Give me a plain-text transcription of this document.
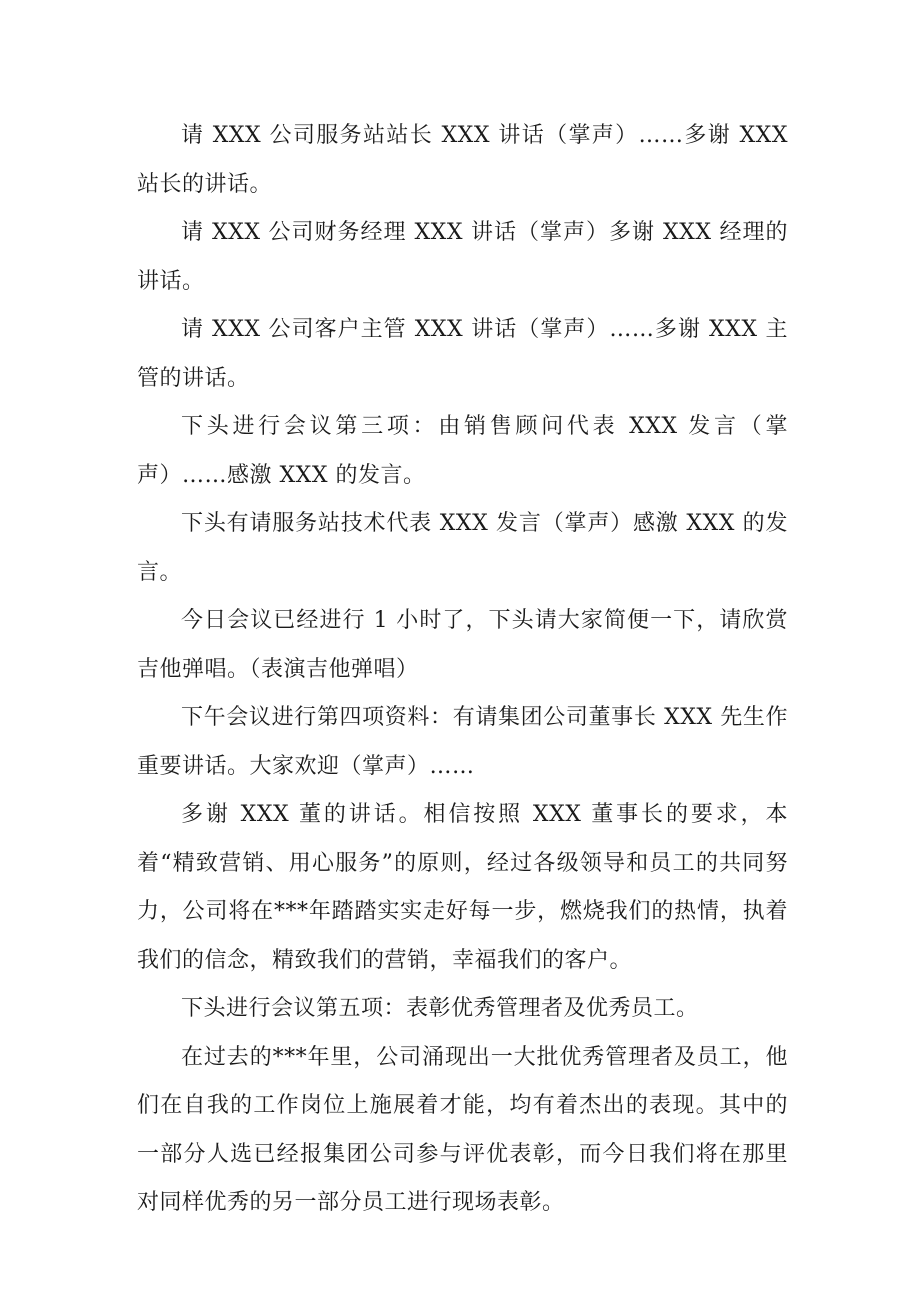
请 XXX 公司服务站站长 XXX 讲话（掌声）……多谢 XXX 站长的讲话。

请 XXX 公司财务经理 XXX 讲话（掌声）多谢 XXX 经理的讲话。

请 XXX 公司客户主管 XXX 讲话（掌声）……多谢 XXX 主管的讲话。

下头进行会议第三项：由销售顾问代表 XXX 发言（掌声）……感激 XXX 的发言。

下头有请服务站技术代表 XXX 发言（掌声）感激 XXX 的发言。

今日会议已经进行 1 小时了，下头请大家简便一下，请欣赏吉他弹唱。（表演吉他弹唱）

下午会议进行第四项资料：有请集团公司董事长 XXX 先生作重要讲话。大家欢迎（掌声）……

多谢 XXX 董的讲话。相信按照 XXX 董事长的要求，本着“精致营销、用心服务”的原则，经过各级领导和员工的共同努力，公司将在***年踏踏实实走好每一步，燃烧我们的热情，执着我们的信念，精致我们的营销，幸福我们的客户。

下头进行会议第五项：表彰优秀管理者及优秀员工。

在过去的***年里，公司涌现出一大批优秀管理者及员工，他们在自我的工作岗位上施展着才能，均有着杰出的表现。其中的一部分人选已经报集团公司参与评优表彰，而今日我们将在那里对同样优秀的另一部分员工进行现场表彰。
